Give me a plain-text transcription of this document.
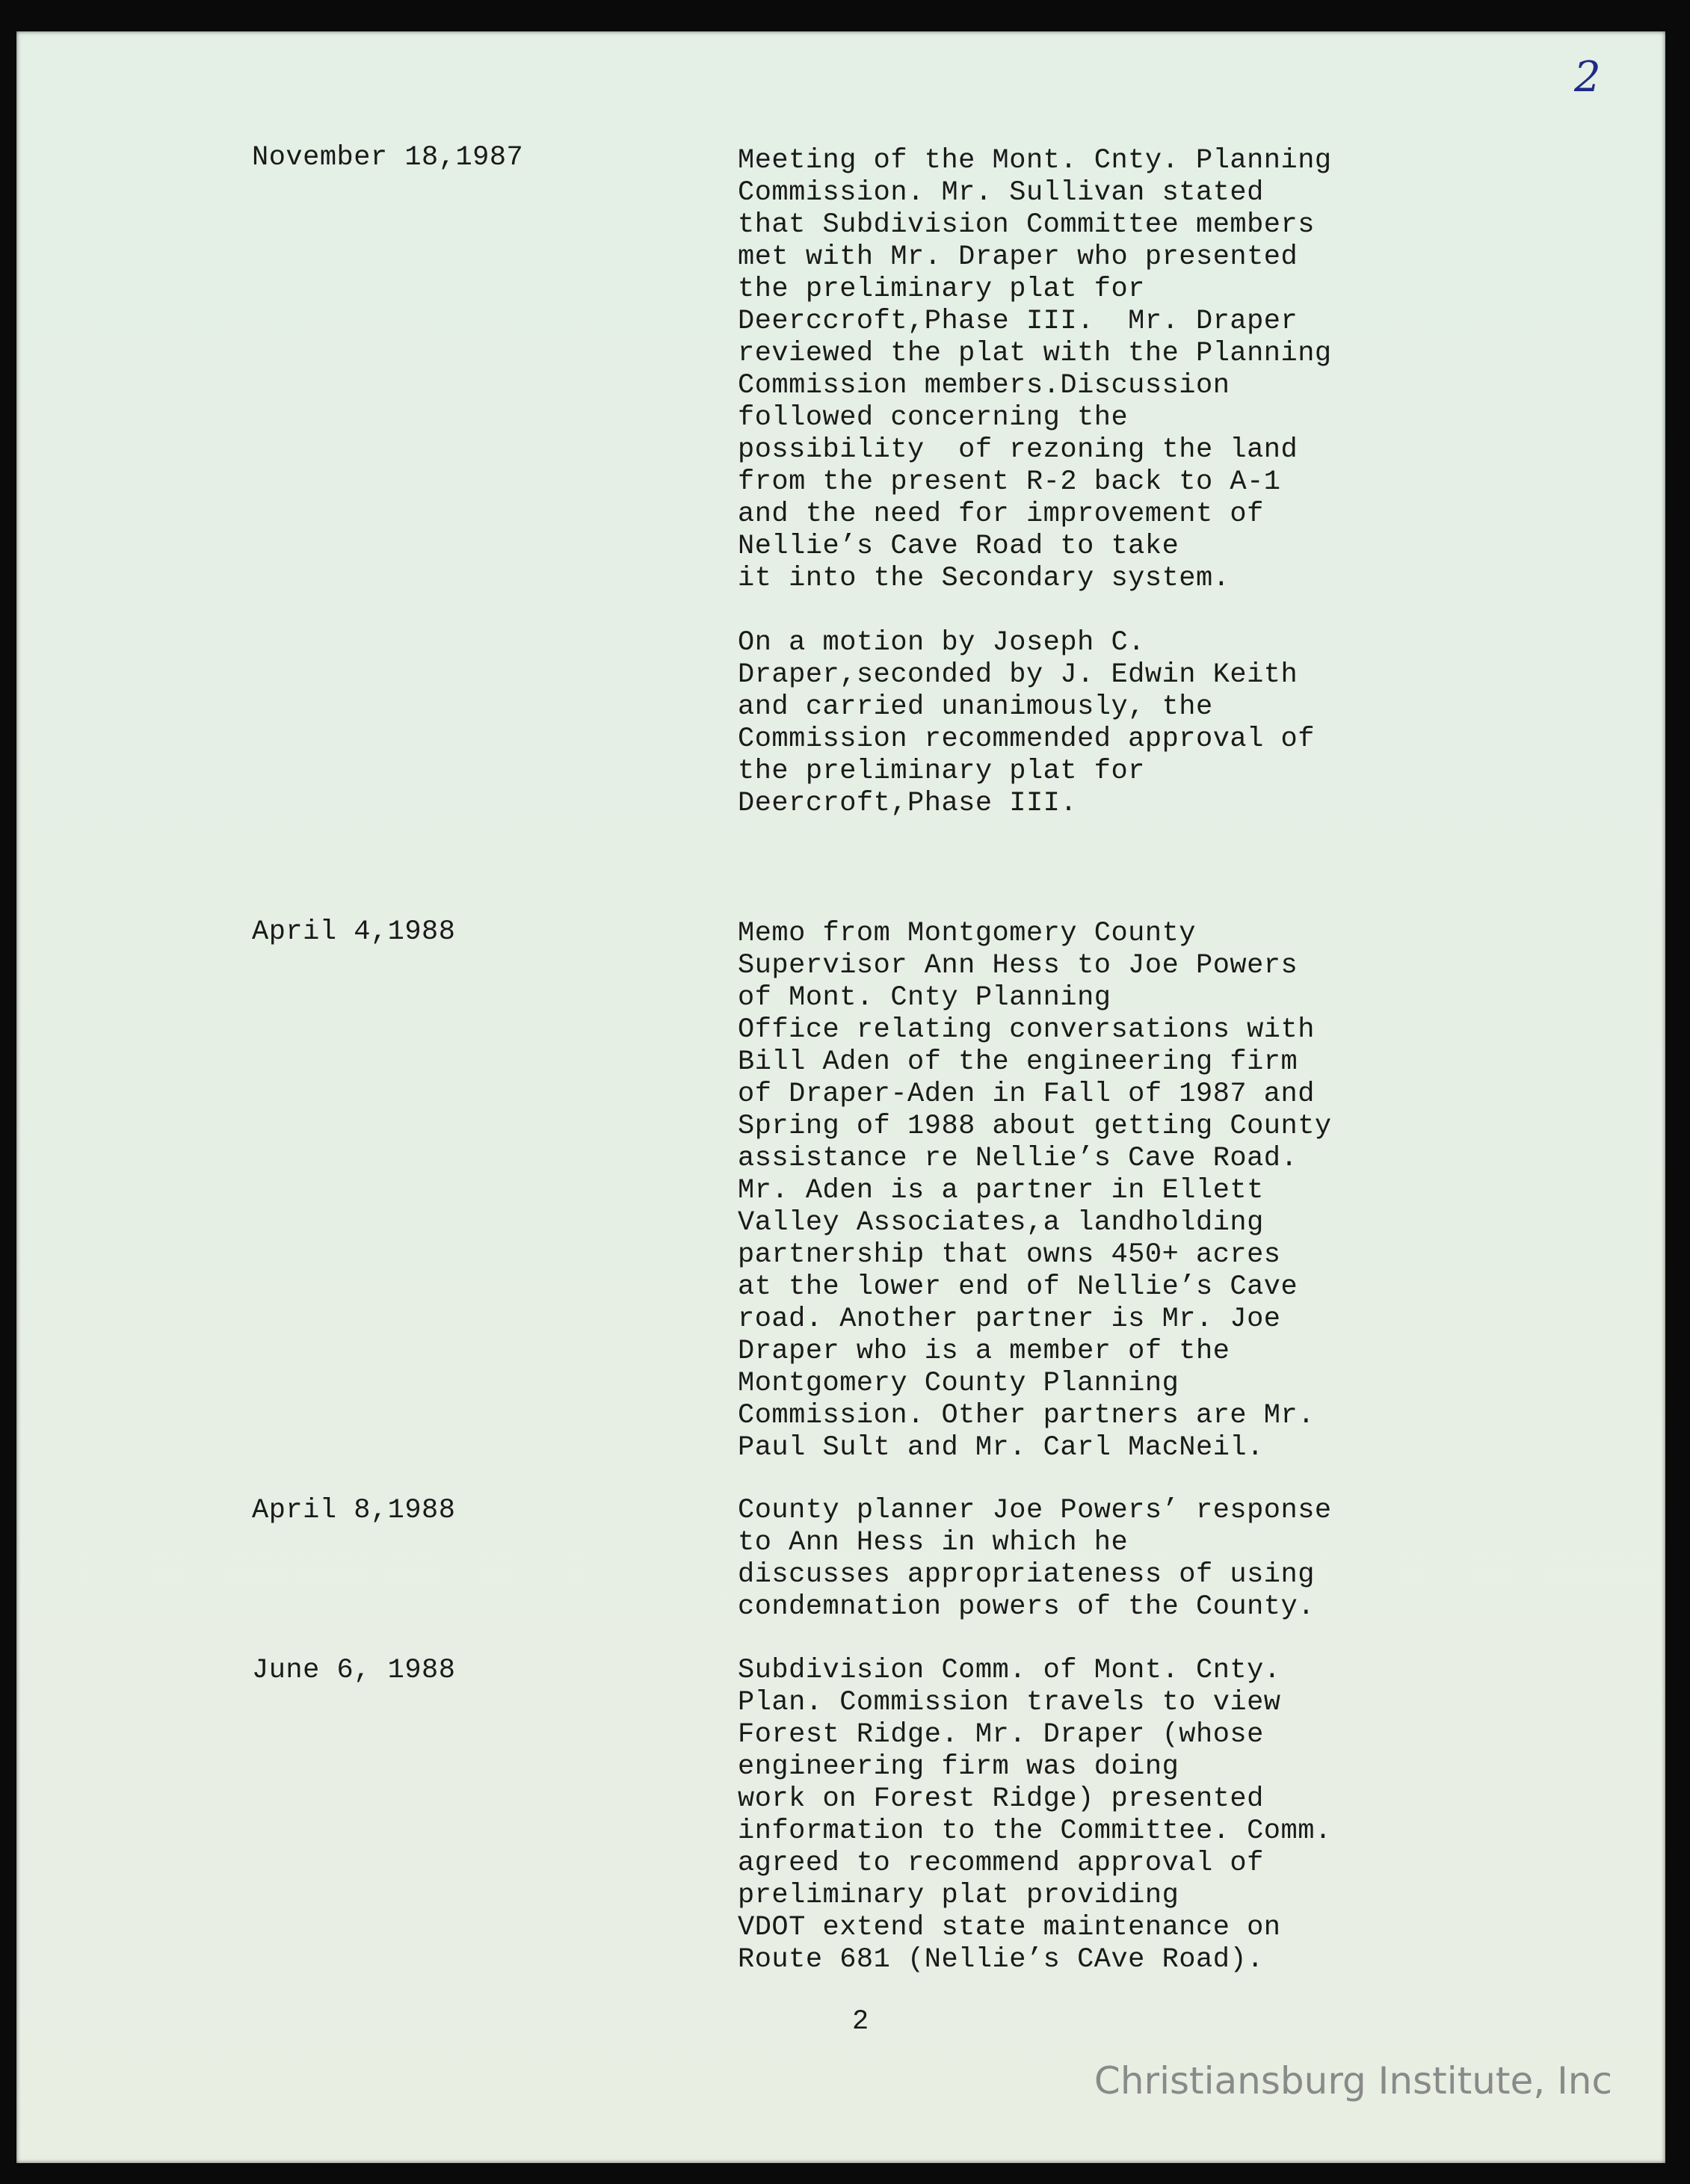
2
November 18,1987	Meeting of the Mont. Cnty. Planning

Commission. Mr. Sullivan stated

that Subdivision Committee members

met with Mr. Draper who presented

the preliminary plat for

Deerccroft,Phase III.  Mr. Draper

reviewed the plat with the Planning

Commission members.Discussion

followed concerning the

possibility  of rezoning the land

from the present R-2 back to A-1

and the need for improvement of

Nellie’s Cave Road to take

it into the Secondary system.

On a motion by Joseph C.

Draper,seconded by J. Edwin Keith

and carried unanimously, the

Commission recommended approval of

the preliminary plat for

Deercroft,Phase III.

April 4,1988	Memo from Montgomery County

Supervisor Ann Hess to Joe Powers

of Mont. Cnty Planning

Office relating conversations with

Bill Aden of the engineering firm

of Draper-Aden in Fall of 1987 and

Spring of 1988 about getting County

assistance re Nellie’s Cave Road.

Mr. Aden is a partner in Ellett

Valley Associates,a landholding

partnership that owns 450+ acres

at the lower end of Nellie’s Cave

road. Another partner is Mr. Joe

Draper who is a member of the

Montgomery County Planning

Commission. Other partners are Mr.

Paul Sult and Mr. Carl MacNeil.

April 8,1988	County planner Joe Powers’ response

to Ann Hess in which he

discusses appropriateness of using

condemnation powers of the County.

June 6, 1988	Subdivision Comm. of Mont. Cnty.

Plan. Commission travels to view

Forest Ridge. Mr. Draper (whose

engineering firm was doing

work on Forest Ridge) presented

information to the Committee. Comm.

agreed to recommend approval of

preliminary plat providing

VDOT extend state maintenance on

Route 681 (Nellie’s CAve Road).

2
Christiansburg Institute, Inc
